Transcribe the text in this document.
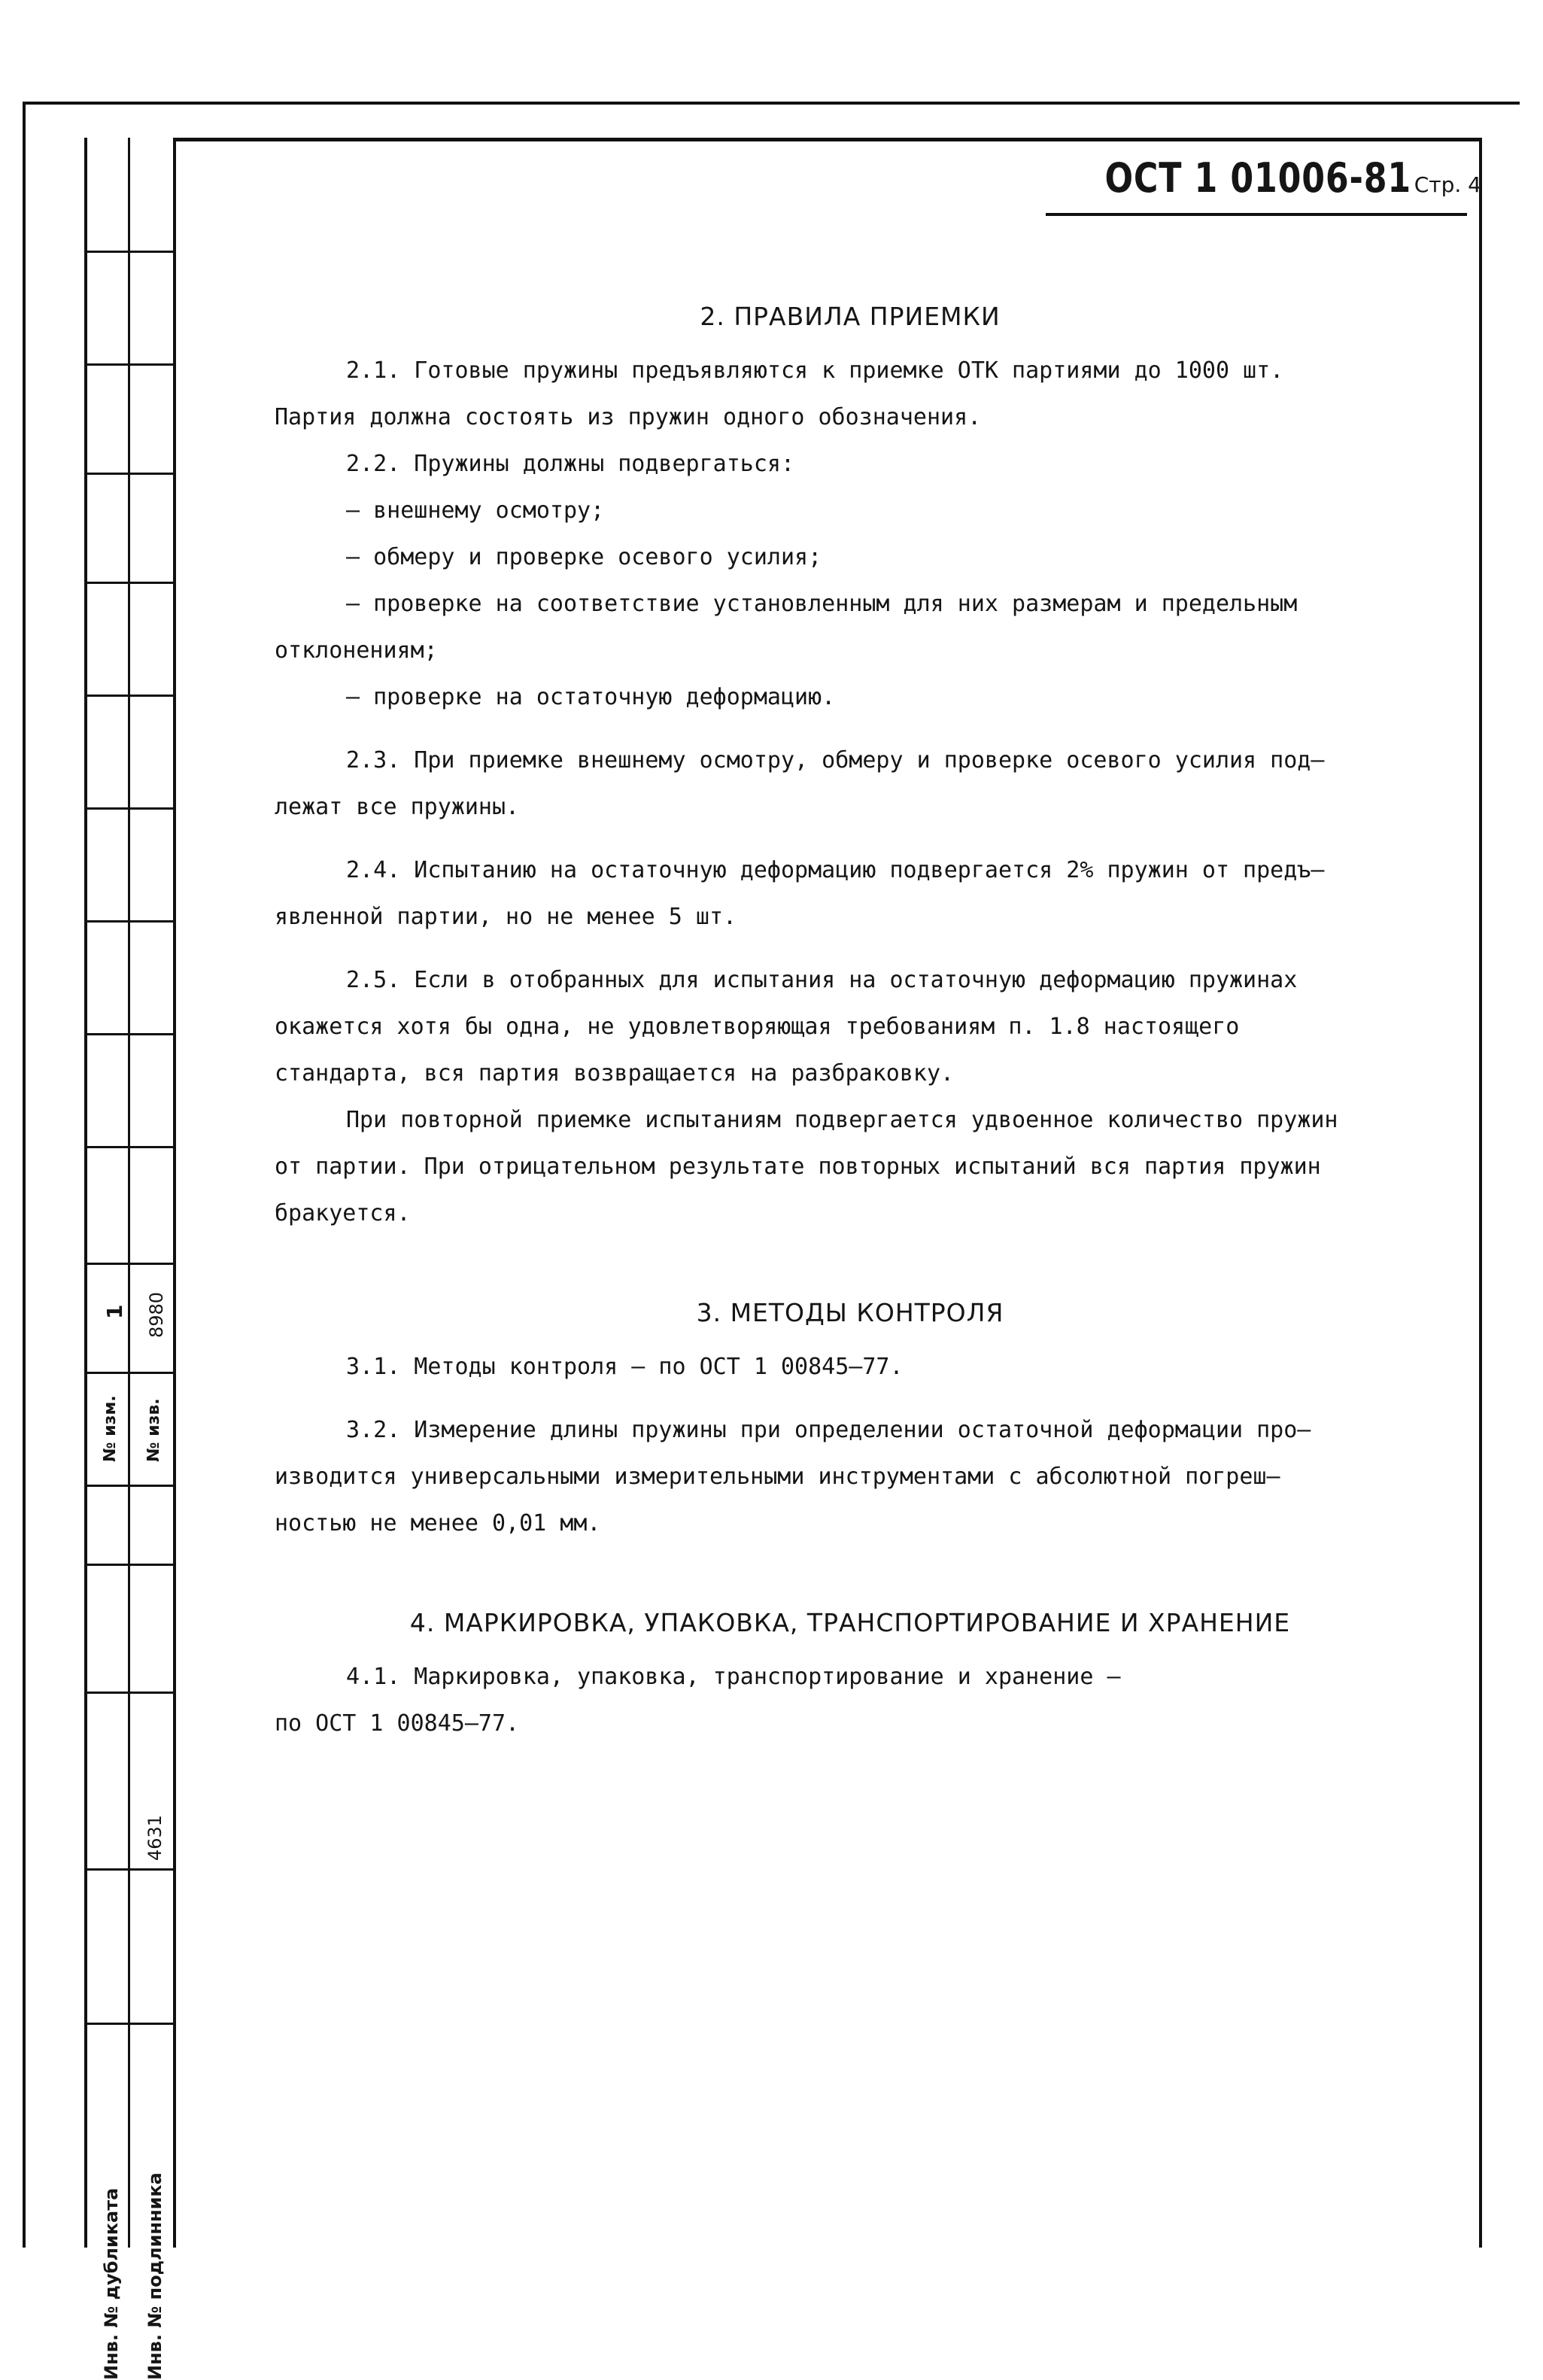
1 8980
№ изм. № изв.
4631
Инв. № дубликата Инв. № подлинника
ОСТ 1 01006-81 Стр. 4
2. ПРАВИЛА ПРИЕМКИ

2.1. Готовые пружины предъявляются к приемке ОТК партиями до 1000 шт.

Партия должна состоять из пружин одного обозначения.

2.2. Пружины должны подвергаться:

– внешнему осмотру;

– обмеру и проверке осевого усилия;

– проверке на соответствие установленным для них размерам и предельным

отклонениям;

– проверке на остаточную деформацию.

2.3. При приемке внешнему осмотру, обмеру и проверке осевого усилия под–

лежат все пружины.

2.4. Испытанию на остаточную деформацию подвергается 2% пружин от предъ–

явленной партии, но не менее 5 шт.

2.5. Если в отобранных для испытания на остаточную деформацию пружинах

окажется хотя бы одна, не удовлетворяющая требованиям п. 1.8 настоящего

стандарта, вся партия возвращается на разбраковку.

При повторной приемке испытаниям подвергается удвоенное количество пружин

от партии. При отрицательном результате повторных испытаний вся партия пружин

бракуется.

3. МЕТОДЫ КОНТРОЛЯ

3.1. Методы контроля – по ОСТ 1 00845–77.

3.2. Измерение длины пружины при определении остаточной деформации про–

изводится универсальными измерительными инструментами с абсолютной погреш–

ностью не менее 0,01 мм.

4. МАРКИРОВКА, УПАКОВКА, ТРАНСПОРТИРОВАНИЕ И ХРАНЕНИЕ

4.1. Маркировка, упаковка, транспортирование и хранение –

по ОСТ 1 00845–77.
